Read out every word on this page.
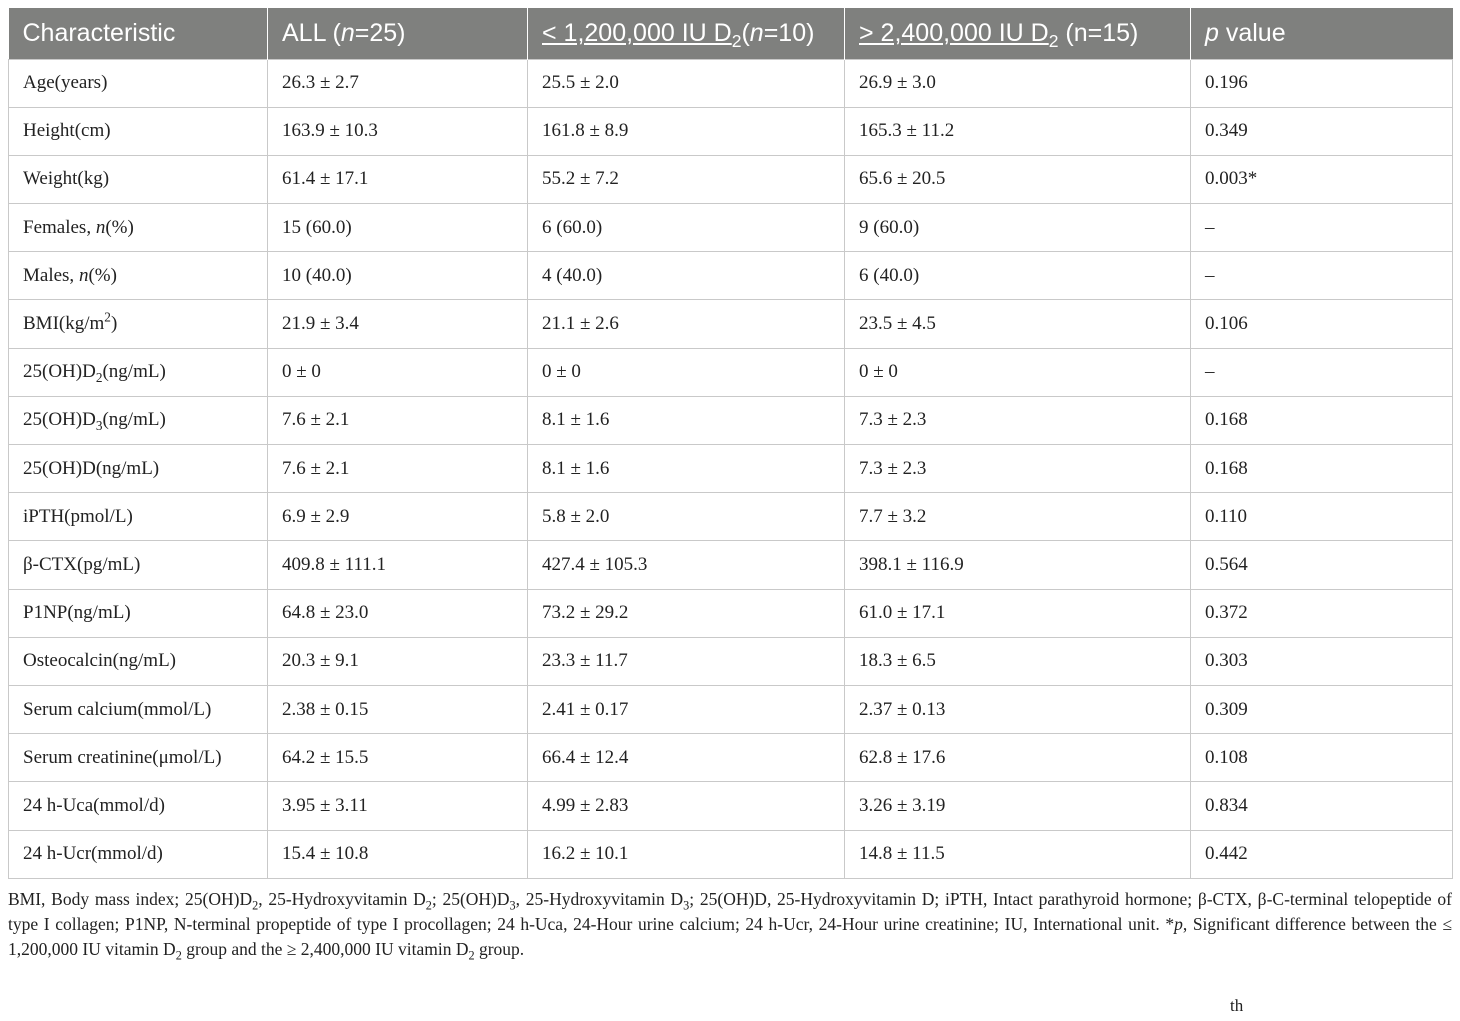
Characteristic	ALL (n=25)	< 1,200,000 IU $D_2(n=10)$	> 2,400,000 IU $D_2$ (n=15)	p value
Age(years)	26.3 ± 2.7	25.5 ± 2.0	26.9 ± 3.0	0.196
Height(cm)	163.9 ± 10.3	161.8 ± 8.9	165.3 ± 11.2	0.349
Weight(kg)	61.4 ± 17.1	55.2 ± 7.2	65.6 ± 20.5	0.003*
Females, n(%)	15 (60.0)	6 (60.0)	9 (60.0)	–
Males, n(%)	10 (40.0)	4 (40.0)	6 (40.0)	–
$BMI(kg/m^2)$	21.9 ± 3.4	21.1 ± 2.6	23.5 ± 4.5	0.106
$25(OH)D_2(ng/mL)$	0 ± 0	0 ± 0	0 ± 0	–
$25(OH)D_3(ng/mL)$	7.6 ± 2.1	8.1 ± 1.6	7.3 ± 2.3	0.168
25(OH)D(ng/mL)	7.6 ± 2.1	8.1 ± 1.6	7.3 ± 2.3	0.168
iPTH(pmol/L)	6.9 ± 2.9	5.8 ± 2.0	7.7 ± 3.2	0.110
β-CTX(pg/mL)	409.8 ± 111.1	427.4 ± 105.3	398.1 ± 116.9	0.564
P1NP(ng/mL)	64.8 ± 23.0	73.2 ± 29.2	61.0 ± 17.1	0.372
Osteocalcin(ng/mL)	20.3 ± 9.1	23.3 ± 11.7	18.3 ± 6.5	0.303
Serum calcium(mmol/L)	2.38 ± 0.15	2.41 ± 0.17	2.37 ± 0.13	0.309
Serum creatinine(μmol/L)	64.2 ± 15.5	66.4 ± 12.4	62.8 ± 17.6	0.108
24 h-Uca(mmol/d)	3.95 ± 3.11	4.99 ± 2.83	3.26 ± 3.19	0.834
24 h-Ucr(mmol/d)	15.4 ± 10.8	16.2 ± 10.1	14.8 ± 11.5	0.442

BMI, Body mass index; $25(OH)D_2$, 25-Hydroxyvitamin $D_2$; $25(OH)D_3$, 25-Hydroxyvitamin $D_3$; 25(OH)D, 25-Hydroxyvitamin D; iPTH, Intact parathyroid hormone; β-CTX, β-C-terminal telopeptide of type I collagen; P1NP, N-terminal propeptide of type I procollagen; 24 h-Uca, 24-Hour urine calcium; 24 h-Ucr, 24-Hour urine creatinine; IU, International unit. *p, Significant difference between the ≤ 1,200,000 IU vitamin $D_2$ group and the ≥ 2,400,000 IU vitamin $D_2$ group.

th
